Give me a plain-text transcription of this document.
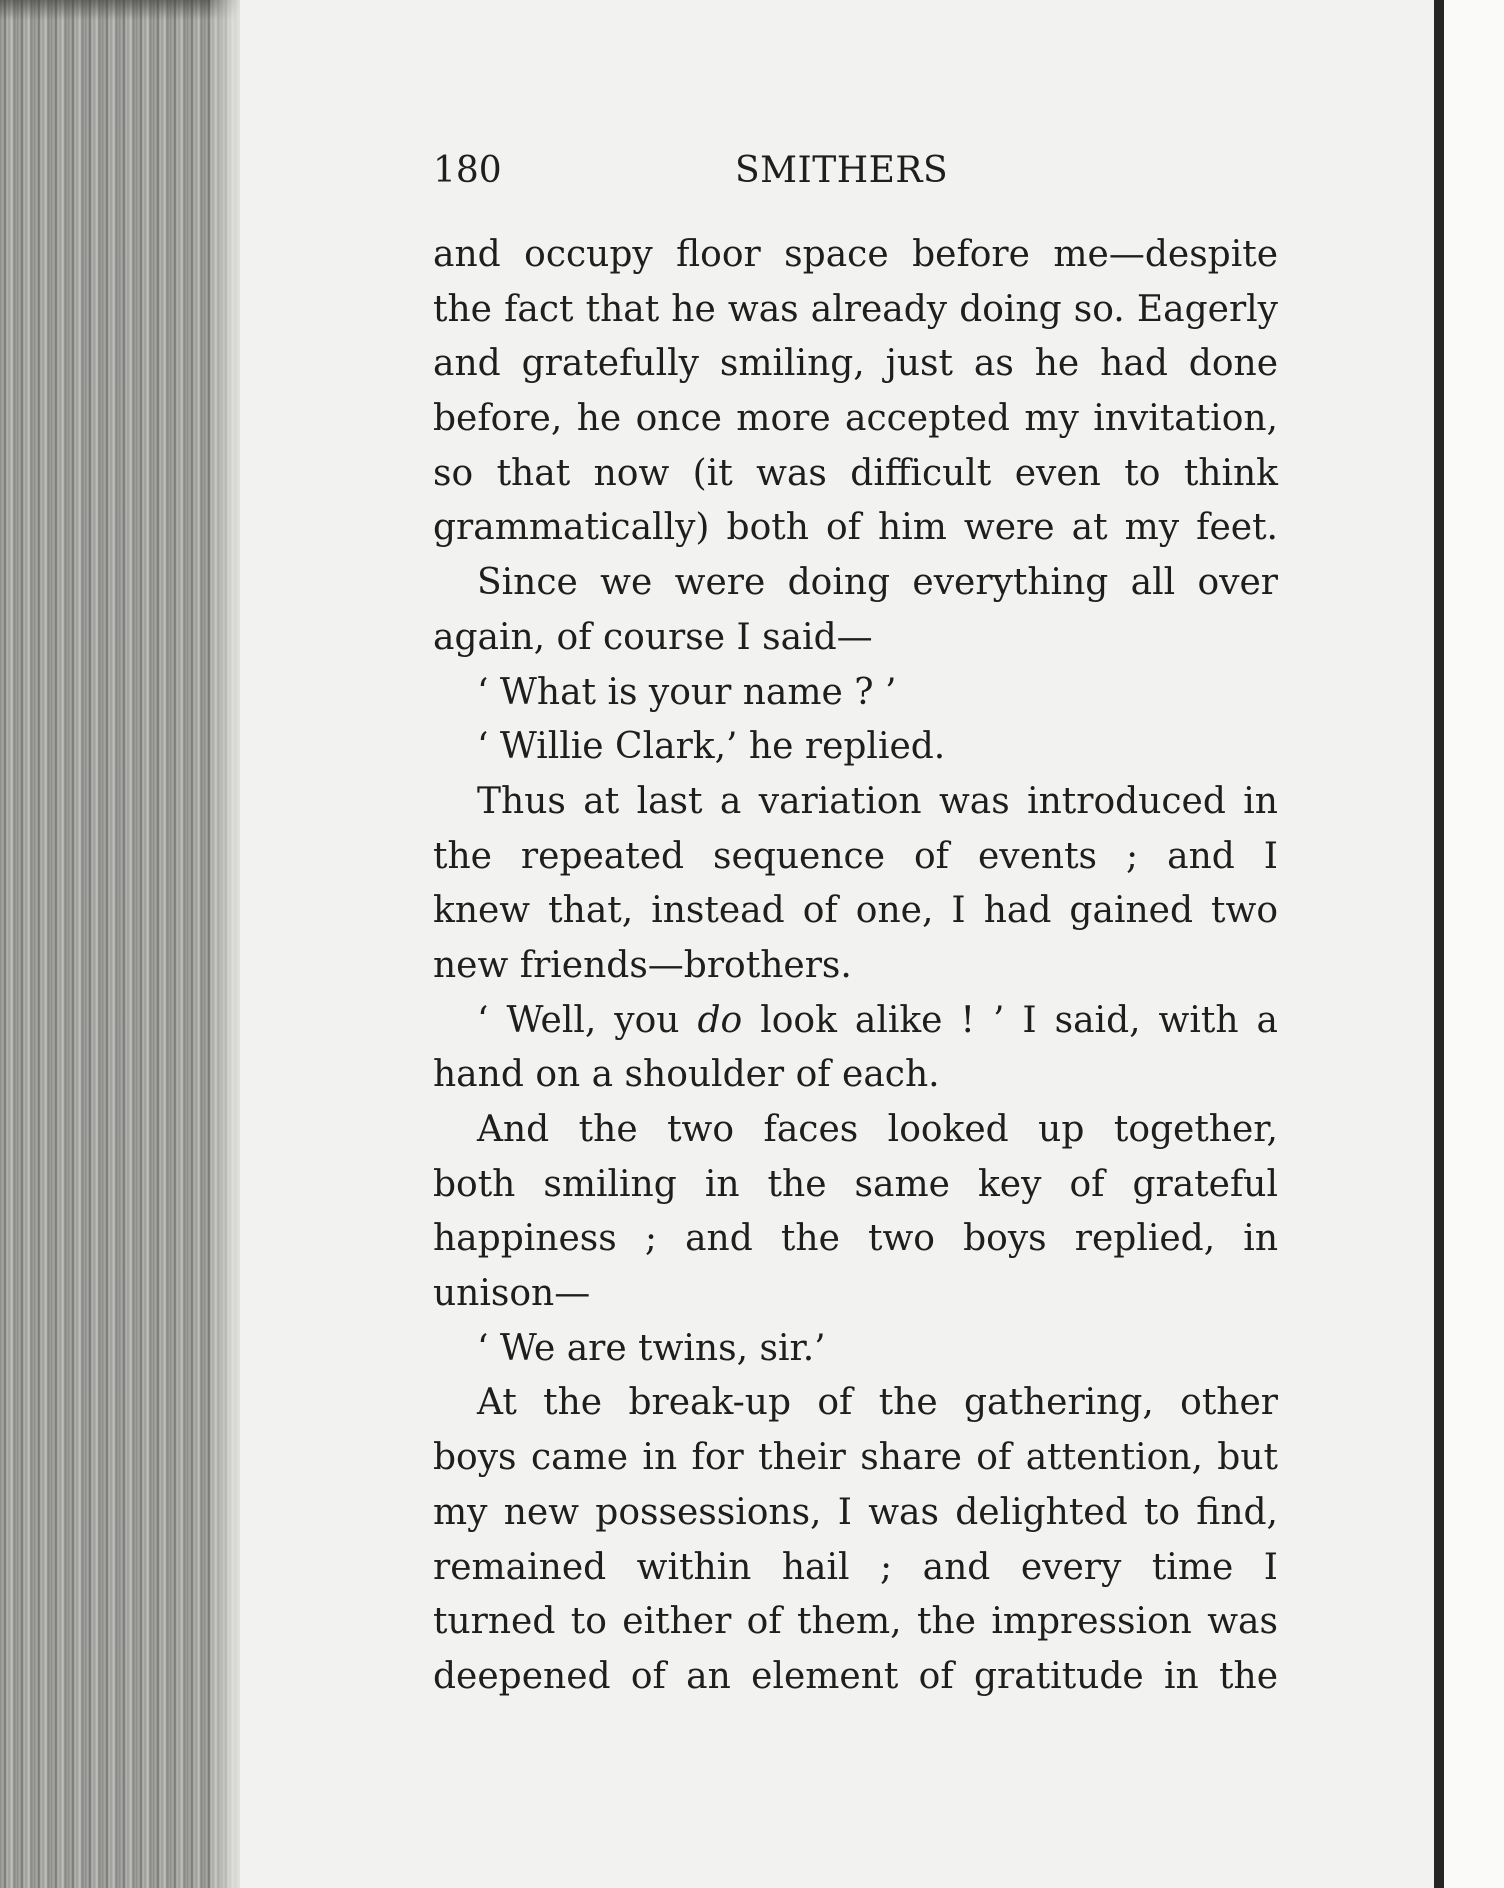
180	SMITHERS
and occupy floor space before me—despite
the fact that he was already doing so. Eagerly
and gratefully smiling, just as he had done
before, he once more accepted my invitation,
so that now (it was difficult even to think
grammatically) both of him were at my feet.
Since we were doing everything all over
again, of course I said—
‘ What is your name ? ’
‘ Willie Clark,’ he replied.
Thus at last a variation was introduced in
the repeated sequence of events ; and I
knew that, instead of one, I had gained two
new friends—brothers.
‘ Well, you do look alike ! ’ I said, with a
hand on a shoulder of each.
And the two faces looked up together,
both smiling in the same key of grateful
happiness ; and the two boys replied, in
unison—
‘ We are twins, sir.’
At the break-up of the gathering, other
boys came in for their share of attention, but
my new possessions, I was delighted to find,
remained within hail ; and every time I
turned to either of them, the impression was
deepened of an element of gratitude in the
